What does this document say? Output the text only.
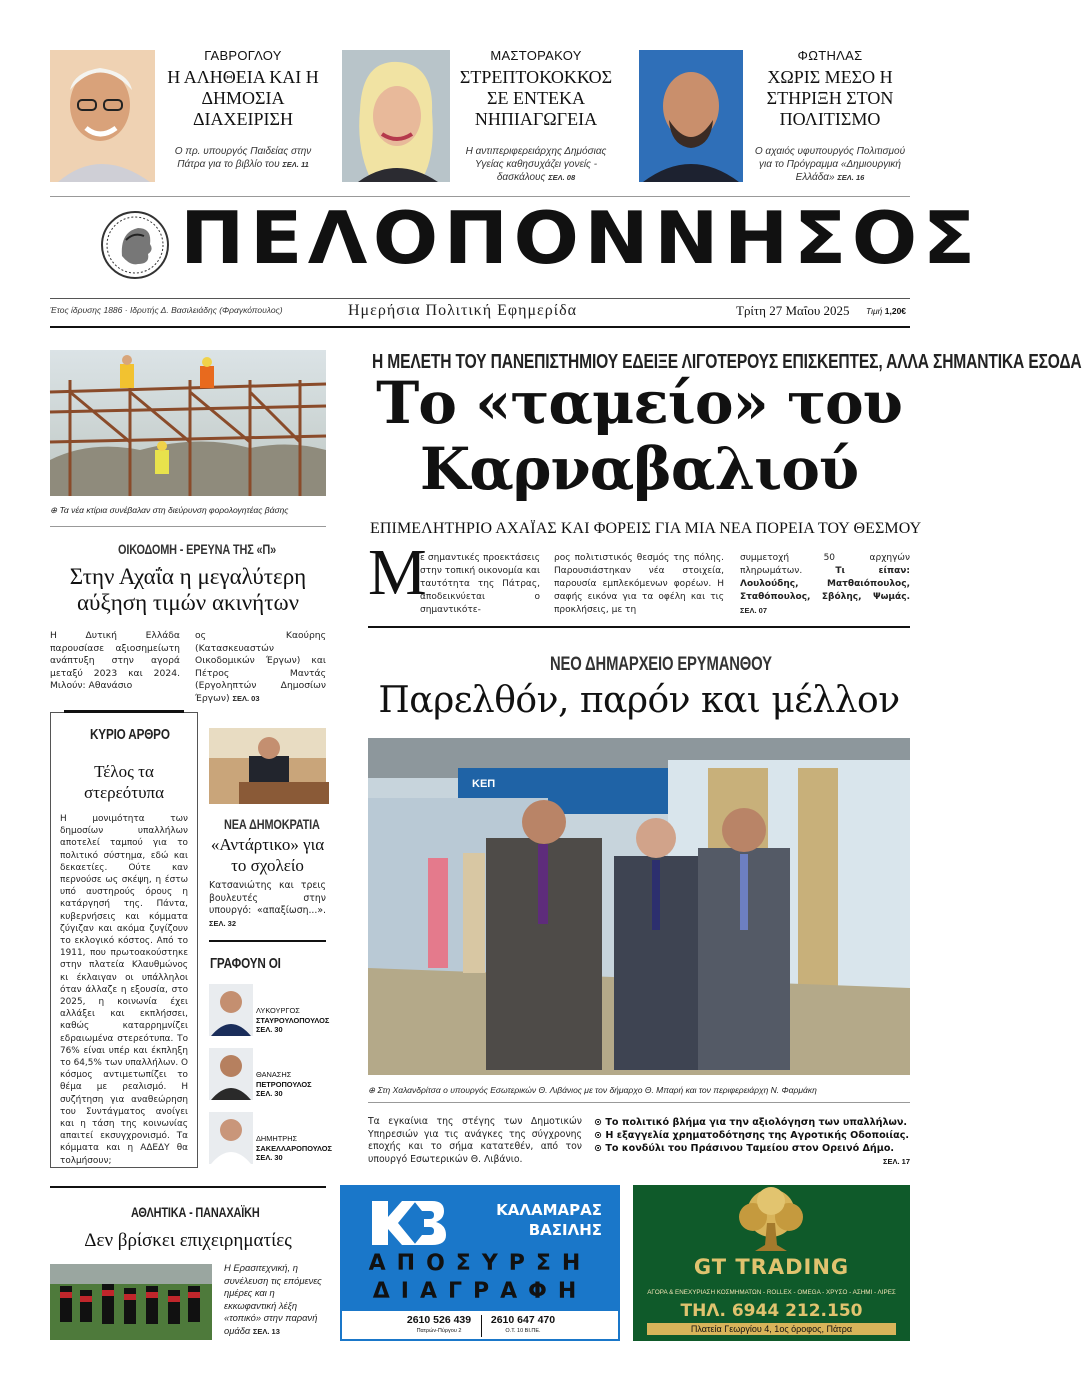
ΓΑΒΡΟΓΛΟΥ
Η ΑΛΗΘΕΙΑ ΚΑΙ Η ΔΗΜΟΣΙΑ ΔΙΑΧΕΙΡΙΣΗ
Ο πρ. υπουργός Παιδείας στην Πάτρα για το βιβλίο του ΣΕΛ. 11
ΜΑΣΤΟΡΑΚΟΥ
ΣΤΡΕΠΤΟΚΟΚΚΟΣ ΣΕ ΕΝΤΕΚΑ ΝΗΠΙΑΓΩΓΕΙΑ
Η αντιπεριφερειάρχης Δημόσιας Υγείας καθησυχάζει γονείς - δασκάλους ΣΕΛ. 08
ΦΩΤΗΛΑΣ
ΧΩΡΙΣ ΜΕΣΟ Η ΣΤΗΡΙΞΗ ΣΤΟΝ ΠΟΛΙΤΙΣΜΟ
Ο αχαιός υφυπουργός Πολιτισμού για το Πρόγραμμα «Δημιουργική Ελλάδα» ΣΕΛ. 16
ΠΕΛΟΠΟΝΝΗΣΟΣ
Έτος ίδρυσης 1886 · Ιδρυτής Δ. Βασιλειάδης (Φραγκόπουλος)	Ημερήσια Πολιτική Εφημερίδα	Τρίτη 27 Μαΐου 2025 Τιμή 1,20€
⊕ Τα νέα κτίρια συνέβαλαν στη διεύρυνση φορολογητέας βάσης
ΟΙΚΟΔΟΜΗ - ΕΡΕΥΝΑ ΤΗΣ «Π»
Στην Αχαΐα η μεγαλύτερη αύξηση τιμών ακινήτων
Η Δυτική Ελλάδα παρουσίασε αξιοσημείωτη ανάπτυξη στην αγορά μεταξύ 2023 και 2024. Μιλούν: Αθανάσιο
ος Καούρης (Κατασκευαστών Οικοδομικών Έργων) και Πέτρος Μαντάς (Εργοληπτών Δημοσίων Έργων) ΣΕΛ. 03
Η ΜΕΛΕΤΗ ΤΟΥ ΠΑΝΕΠΙΣΤΗΜΙΟΥ ΕΔΕΙΞΕ ΛΙΓΟΤΕΡΟΥΣ ΕΠΙΣΚΕΠΤΕΣ, ΑΛΛΑ ΣΗΜΑΝΤΙΚΑ ΕΣΟΔΑ
Το «ταμείο» του
Καρναβαλιού
ΕΠΙΜΕΛΗΤΗΡΙΟ ΑΧΑΪΑΣ ΚΑΙ ΦΟΡΕΙΣ ΓΙΑ ΜΙΑ ΝΕΑ ΠΟΡΕΙΑ ΤΟΥ ΘΕΣΜΟΥ
Μ
ε σημαντικές προεκτάσεις στην τοπική οικονομία και ταυτότητα της Πάτρας, αποδεικνύεται ο σημαντικότε-
ρος πολιτιστικός θεσμός της πόλης. Παρουσιάστηκαν νέα στοιχεία, παρουσία εμπλεκόμενων φορέων. Η σαφής εικόνα για τα οφέλη και τις προκλήσεις, με τη
συμμετοχή 50 αρχηγών πληρωμάτων.	Τι είπαν: Λουλούδης, Ματθαιόπουλος, Σταθόπουλος, Σβόλης, Ψωμάς. ΣΕΛ. 07
ΝΕΟ ΔΗΜΑΡΧΕΙΟ ΕΡΥΜΑΝΘΟΥ
Παρελθόν, παρόν και μέλλον
ΚΕΠ
⊕ Στη Χαλανδρίτσα ο υπουργός Εσωτερικών Θ. Λιβάνιος με τον δήμαρχο Θ. Μπαρή και τον περιφερειάρχη Ν. Φαρμάκη
Τα εγκαίνια της στέγης των Δημοτικών Υπηρεσιών για τις ανάγκες της σύγχρονης εποχής και το σήμα κατατεθέν, από τον υπουργό Εσωτερικών Θ. Λιβάνιο.
⊙ Το πολιτικό βλήμα για την αξιολόγηση των υπαλλήλων.
⊙ Η εξαγγελία χρηματοδότησης της Αγροτικής Οδοποιίας.
⊙ Το κονδύλι του Πράσινου Ταμείου στον Ορεινό Δήμο.
ΣΕΛ. 17
ΚΥΡΙΟ ΑΡΘΡΟ
Τέλος τα στερεότυπα
Η μονιμότητα των δημοσίων υπαλλήλων αποτελεί ταμπού για το πολιτικό σύστημα, εδώ και δεκαετίες. Ούτε καν περνούσε ως σκέψη, η έστω υπό αυστηρούς όρους η κατάργησή της. Πάντα, κυβερνήσεις και κόμματα ζύγιζαν και ακόμα ζυγίζουν το εκλογικό κόστος. Από το 1911, που πρωτοακούστηκε στην πλατεία Κλαυθμώνος κι έκλαιγαν οι υπάλληλοι όταν άλλαζε η εξουσία, στο 2025, η κοινωνία έχει αλλάξει και εκπλήσσει, καθώς καταρρημνίζει εδραιωμένα στερεότυπα. Το 76% είναι υπέρ και έκπληξη το 64,5% των υπαλλήλων. Ο κόσμος αντιμετωπίζει το θέμα με ρεαλισμό. Η συζήτηση για αναθεώρηση του Συντάγματος ανοίγει και η τάση της κοινωνίας απαιτεί εκσυγχρονισμό. Τα κόμματα και η ΑΔΕΔΥ θα τολμήσουν;
ΝΕΑ ΔΗΜΟΚΡΑΤΙΑ
«Αντάρτικο» για το σχολείο
Κατσανιώτης και τρεις βουλευτές στην υπουργό: «απαξίωση...». ΣΕΛ. 32
ΓΡΑΦΟΥΝ ΟΙ
ΛΥΚΟΥΡΓΟΣ
ΣΤΑΥΡΟΥΛΟΠΟΥΛΟΣ
ΣΕΛ. 30
ΘΑΝΑΣΗΣ
ΠΕΤΡΟΠΟΥΛΟΣ
ΣΕΛ. 30
ΔΗΜΗΤΡΗΣ
ΣΑΚΕΛΛΑΡΟΠΟΥΛΟΣ
ΣΕΛ. 30
ΑΘΛΗΤΙΚΑ - ΠΑΝΑΧΑΪΚΗ
Δεν βρίσκει επιχειρηματίες
Η Ερασιτεχνική, η συνέλευση τις επόμενες ημέρες και η εκκωφαντική λέξη «τοπικό» στην παρανή ομάδα ΣΕΛ. 13
ΚΑΛΑΜΑΡΑΣ
ΒΑΣΙΛΗΣ
ΑΠΟΣΥΡΣΗ
ΔΙΑΓΡΑΦΗ
2610 526 439
Πατρών-Πύργου 2
2610 647 470
Ο.Τ. 10 ΒΙ.ΠΕ.
GT TRADING
ΑΓΟΡΑ & ΕΝΕΧΥΡΙΑΣΗ ΚΟΣΜΗΜΑΤΩΝ - ROLLEX - OMEGA - ΧΡΥΣΟ - ΑΣΗΜΙ - ΛΙΡΕΣ
ΤΗΛ. 6944 212.150
Πλατεία Γεωργίου 4, 1ος όροφος, Πάτρα
